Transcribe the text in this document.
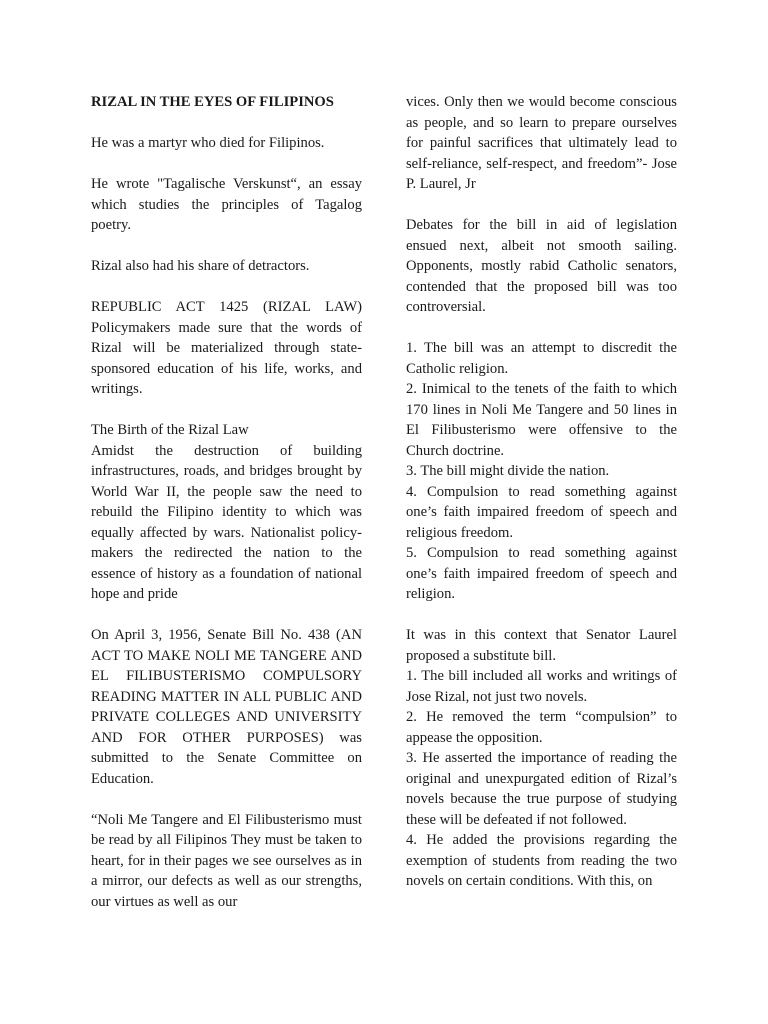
RIZAL IN THE EYES OF FILIPINOS

He was a martyr who died for Filipinos.

He wrote "Tagalische Verskunst“, an essay which studies the principles of Tagalog poetry.

Rizal also had his share of detractors.

REPUBLIC ACT 1425 (RIZAL LAW) Policymakers made sure that the words of Rizal will be materialized through state-sponsored education of his life, works, and writings.

The Birth of the Rizal Law

Amidst the destruction of building infrastructures, roads, and bridges brought by World War II, the people saw the need to rebuild the Filipino identity to which was equally affected by wars. Nationalist policy-makers the redirected the nation to the essence of history as a foundation of national hope and pride

On April 3, 1956, Senate Bill No. 438 (AN ACT TO MAKE NOLI ME TANGERE AND EL FILIBUSTERISMO COMPULSORY READING MATTER IN ALL PUBLIC AND PRIVATE COLLEGES AND UNIVERSITY AND FOR OTHER PURPOSES) was submitted to the Senate Committee on Education.

“Noli Me Tangere and El Filibusterismo must be read by all Filipinos They must be taken to heart, for in their pages we see ourselves as in a mirror, our defects as well as our strengths, our virtues as well as our

vices. Only then we would become conscious as people, and so learn to prepare ourselves for painful sacrifices that ultimately lead to self-reliance, self-respect, and freedom”- Jose P. Laurel, Jr

Debates for the bill in aid of legislation ensued next, albeit not smooth sailing. Opponents, mostly rabid Catholic senators, contended that the proposed bill was too controversial.

1. The bill was an attempt to discredit the Catholic religion.

2. Inimical to the tenets of the faith to which 170 lines in Noli Me Tangere and 50 lines in El Filibusterismo were offensive to the Church doctrine.

3. The bill might divide the nation.

4. Compulsion to read something against one’s faith impaired freedom of speech and religious freedom.

5. Compulsion to read something against one’s faith impaired freedom of speech and religion.

It was in this context that Senator Laurel proposed a substitute bill.

1. The bill included all works and writings of Jose Rizal, not just two novels.

2. He removed the term “compulsion” to appease the opposition.

3. He asserted the importance of reading the original and unexpurgated edition of Rizal’s novels because the true purpose of studying these will be defeated if not followed.

4. He added the provisions regarding the exemption of students from reading the two novels on certain conditions. With this, on
